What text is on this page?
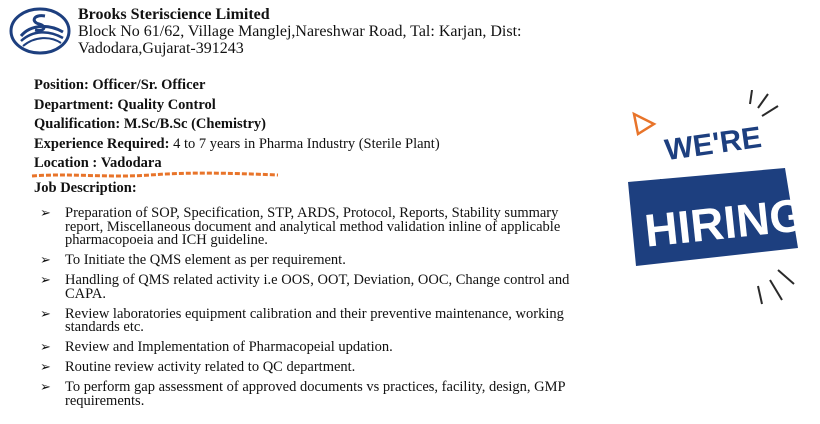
Brooks Steriscience Limited
Block No 61/62, Village Manglej,Nareshwar Road, Tal: Karjan, Dist:
Vadodara,Gujarat-391243
Position: Officer/Sr. Officer
Department: Quality Control
Qualification: M.Sc/B.Sc (Chemistry)
Experience Required: 4 to 7 years in Pharma Industry (Sterile Plant)
Location : Vadodara
Job Description:
➢ Preparation of SOP, Specification, STP, ARDS, Protocol, Reports, Stability summary report, Miscellaneous document and analytical method validation inline of applicable pharmacopoeia and ICH guideline.
➢ To Initiate the QMS element as per requirement.
➢ Handling of QMS related activity i.e OOS, OOT, Deviation, OOC, Change control and CAPA.
➢ Review laboratories equipment calibration and their preventive maintenance, working standards etc.
➢ Review and Implementation of Pharmacopeial updation.
➢ Routine review activity related to QC department.
➢ To perform gap assessment of approved documents vs practices, facility, design, GMP requirements.
WE'RE
HIRING
